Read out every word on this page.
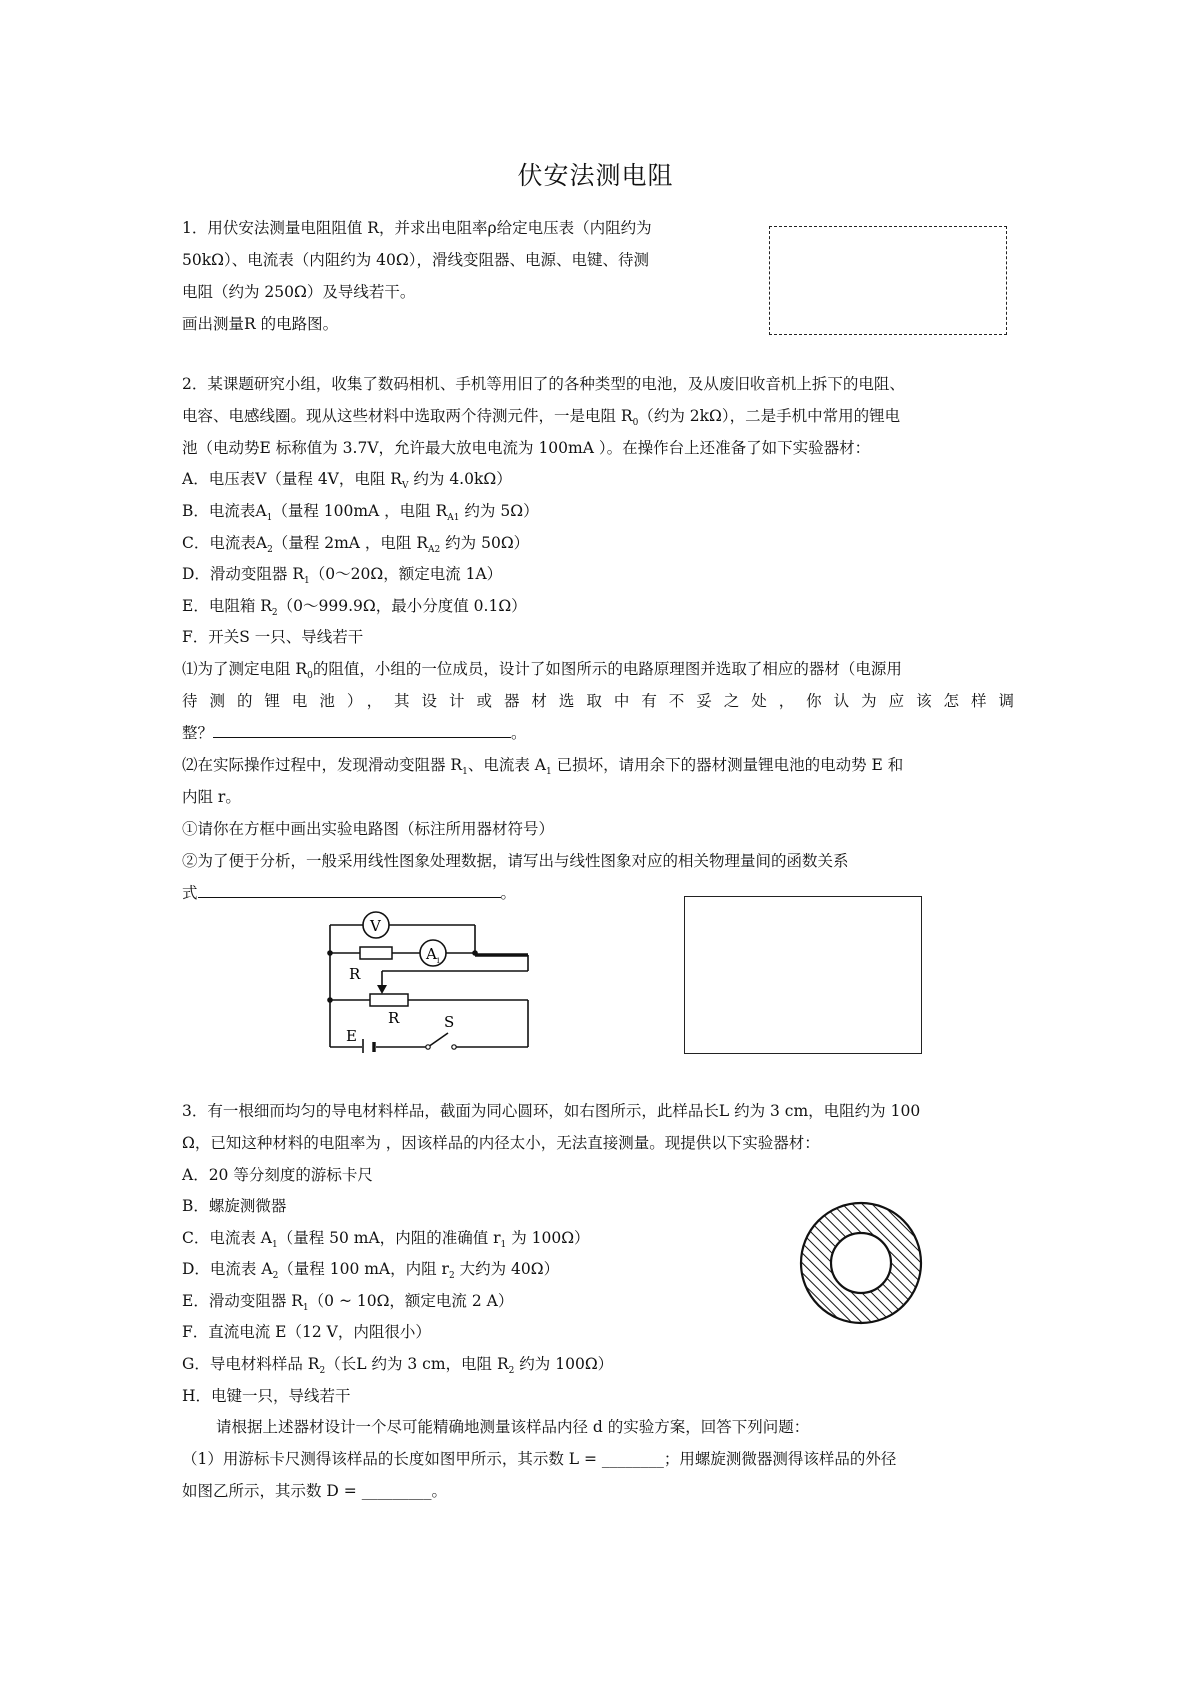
伏安法测电阻
1．用伏安法测量电阻阻值 R，并求出电阻率ρ给定电压表（内阻约为
50kΩ）、电流表（内阻约为 40Ω），滑线变阻器、电源、电键、待测
电阻（约为 250Ω）及导线若干。
画出测量R 的电路图。
2．某课题研究小组，收集了数码相机、手机等用旧了的各种类型的电池，及从废旧收音机上拆下的电阻、
电容、电感线圈。现从这些材料中选取两个待测元件，一是电阻 $R_0$（约为 2kΩ），二是手机中常用的锂电
池（电动势E 标称值为 3.7V，允许最大放电电流为 100mA ）。在操作台上还准备了如下实验器材：
A．电压表V（量程 4V，电阻 $R_V$ 约为 4.0kΩ）
B．电流表$A_1$（量程 100mA ，电阻 $R_{A1}$ 约为 5Ω）
C．电流表$A_2$（量程 2mA ，电阻 $R_{A2}$ 约为 50Ω）
D．滑动变阻器 $R_1(0\sim 20\Omega$，额定电流 1A）
E．电阻箱 $R_2(0\sim 999.9\Omega$，最小分度值 0.1Ω）
F．开关S 一只、导线若干
⑴为了测定电阻 $R_0$的阻值，小组的一位成员，设计了如图所示的电路原理图并选取了相应的器材（电源用
待测的锂电池），其设计或器材选取中有不妥之处，你认为应该怎样调
整？	。
⑵在实际操作过程中，发现滑动变阻器 $R_1$、电流表 $A_1$ 已损坏，请用余下的器材测量锂电池的电动势 E 和
内阻 r。
①请你在方框中画出实验电路图（标注所用器材符号）
②为了便于分析，一般采用线性图象处理数据，请写出与线性图象对应的相关物理量间的函数关系
式	。
V
A 1
R
R
E
S
3．有一根细而均匀的导电材料样品，截面为同心圆环，如右图所示，此样品长L 约为 3 cm，电阻约为 100
Ω，已知这种材料的电阻率为 ，因该样品的内径太小，无法直接测量。现提供以下实验器材：
A．20 等分刻度的游标卡尺
B．螺旋测微器
C．电流表 $A_1$（量程 50 mA，内阻的准确值 $r_1$ 为 100Ω）
D．电流表 $A_2$（量程 100 mA，内阻 $r_2$ 大约为 40Ω）
E．滑动变阻器 $R_1(0$ ~ 10Ω，额定电流 2 A）
F．直流电流 E（12 V，内阻很小）
G．导电材料样品 $R_2$（长L 约为 3 cm，电阻 $R_2$ 约为 100Ω）
H．电键一只，导线若干
请根据上述器材设计一个尽可能精确地测量该样品内径 d 的实验方案，回答下列问题：
（1）用游标卡尺测得该样品的长度如图甲所示，其示数 L = ________；用螺旋测微器测得该样品的外径
如图乙所示，其示数 D = _________。
